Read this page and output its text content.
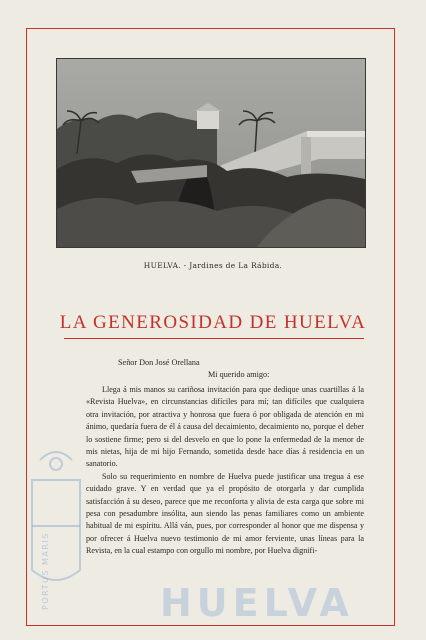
HUELVA. - Jardines de La Rábida.
LA GENEROSIDAD DE HUELVA
Señor Don José Orellana
Mi querido amigo:

Llega á mis manos su cariñosa invitación para que dedique unas cuartillas á la «Revista Huelva», en circunstancias difíciles para mí; tan difíciles que cualquiera otra invitación, por atractiva y honrosa que fuera ó por obligada de atención en mi ánimo, quedaría fuera de él á causa del decaimiento, decaimiento no, porque el deber lo sostiene firme; pero si del desvelo en que lo pone la enfermedad de la menor de mis nietas, hija de mi hijo Fernando, sometida desde hace días á residencia en un sanatorio.

Solo su requerimiento en nombre de Huelva puede justificar una tregua á ese cuidado grave. Y en verdad que ya el propósito de otorgarla y dar cumplida satisfacción á su deseo, parece que me reconforta y alivia de esta carga que sobre mi pesa con pesadumbre insólita, aun siendo las penas familiares como un ambiente habitual de mi espíritu. Allá ván, pues, por corresponder al honor que me dispensa y por ofrecer á Huelva nuevo testimonio de mi amor ferviente, unas líneas para la Revista, en la cual estampo con orgullo mi nombre, por Huelva dignifi-

PORTUS MARIS	HUELVA
